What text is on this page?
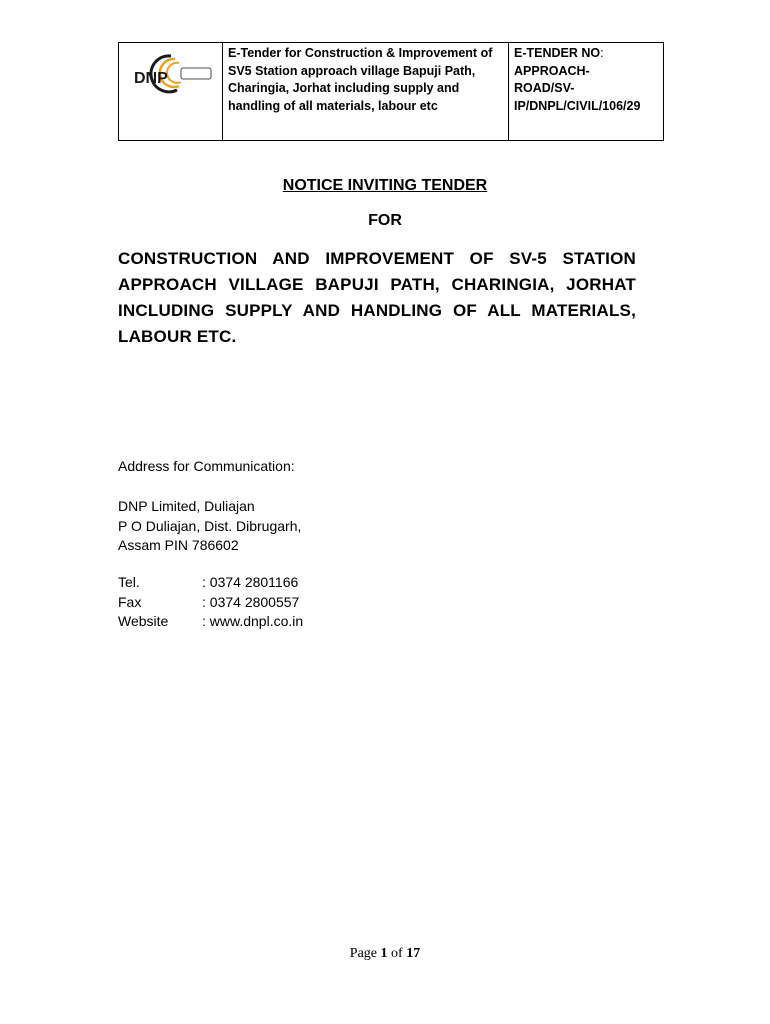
DNP

E-Tender for Construction & Improvement of SV5 Station approach village Bapuji Path, Charingia, Jorhat including supply and handling of all materials, labour etc

E-TENDER NO:
APPROACH-
ROAD/SV-
IP/DNPL/CIVIL/106/29
NOTICE INVITING TENDER
FOR
CONSTRUCTION AND IMPROVEMENT OF SV-5 STATION APPROACH VILLAGE BAPUJI PATH, CHARINGIA, JORHAT INCLUDING SUPPLY AND HANDLING OF ALL MATERIALS, LABOUR ETC.
Address for Communication:
DNP Limited, Duliajan
P O Duliajan, Dist. Dibrugarh,
Assam PIN 786602
Tel.	: 0374 2801166
Fax	: 0374 2800557
Website	: www.dnpl.co.in
Page 1 of 17
